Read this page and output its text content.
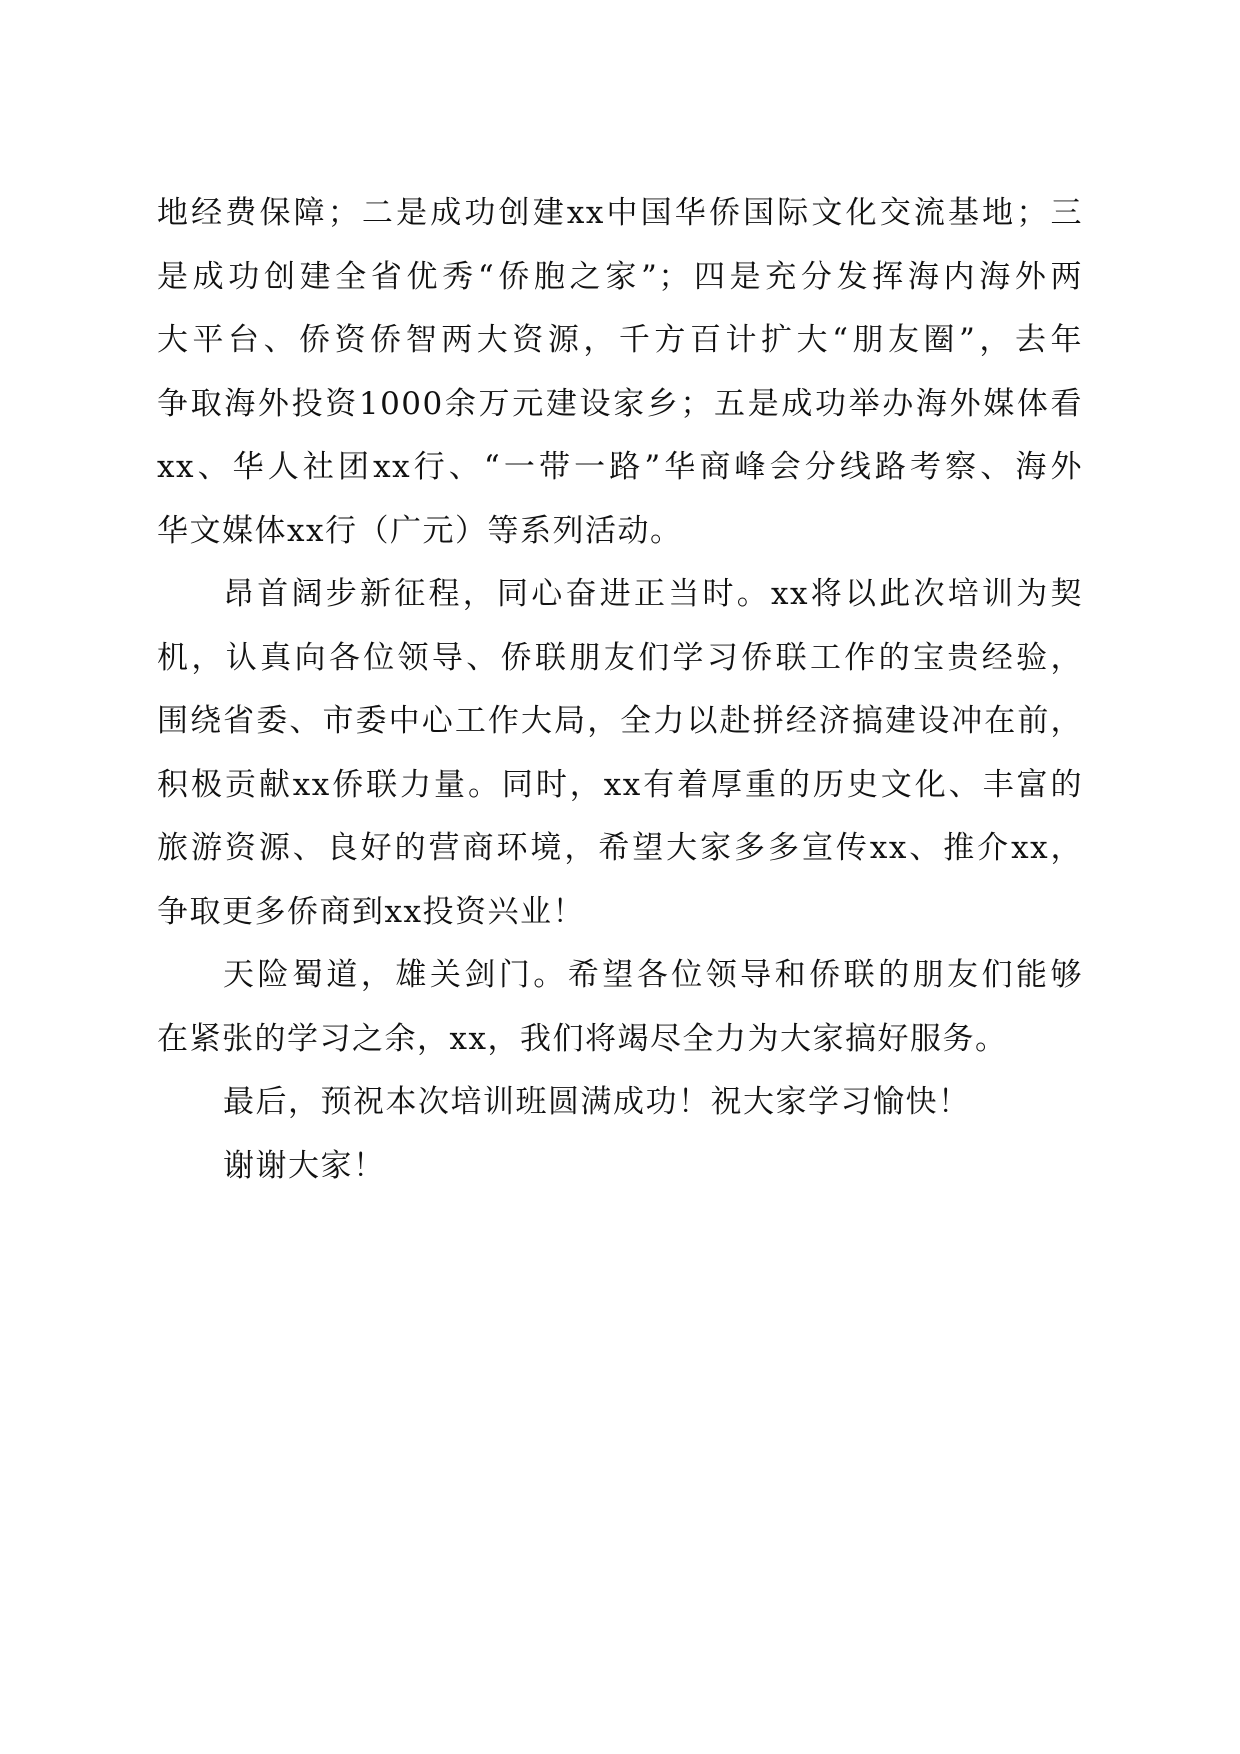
地经费保障；二是成功创建xx中国华侨国际文化交流基地；三
是成功创建全省优秀“侨胞之家”；四是充分发挥海内海外两
大平台、侨资侨智两大资源，千方百计扩大“朋友圈”，去年
争取海外投资1000余万元建设家乡；五是成功举办海外媒体看
xx、华人社团xx行、“一带一路”华商峰会分线路考察、海外
华文媒体xx行（广元）等系列活动。

昂首阔步新征程，同心奋进正当时。xx将以此次培训为契
机，认真向各位领导、侨联朋友们学习侨联工作的宝贵经验，
围绕省委、市委中心工作大局，全力以赴拼经济搞建设冲在前，
积极贡献xx侨联力量。同时，xx有着厚重的历史文化、丰富的
旅游资源、良好的营商环境，希望大家多多宣传xx、推介xx，
争取更多侨商到xx投资兴业！

天险蜀道，雄关剑门。希望各位领导和侨联的朋友们能够
在紧张的学习之余，xx，我们将竭尽全力为大家搞好服务。

最后，预祝本次培训班圆满成功！祝大家学习愉快！

谢谢大家！
